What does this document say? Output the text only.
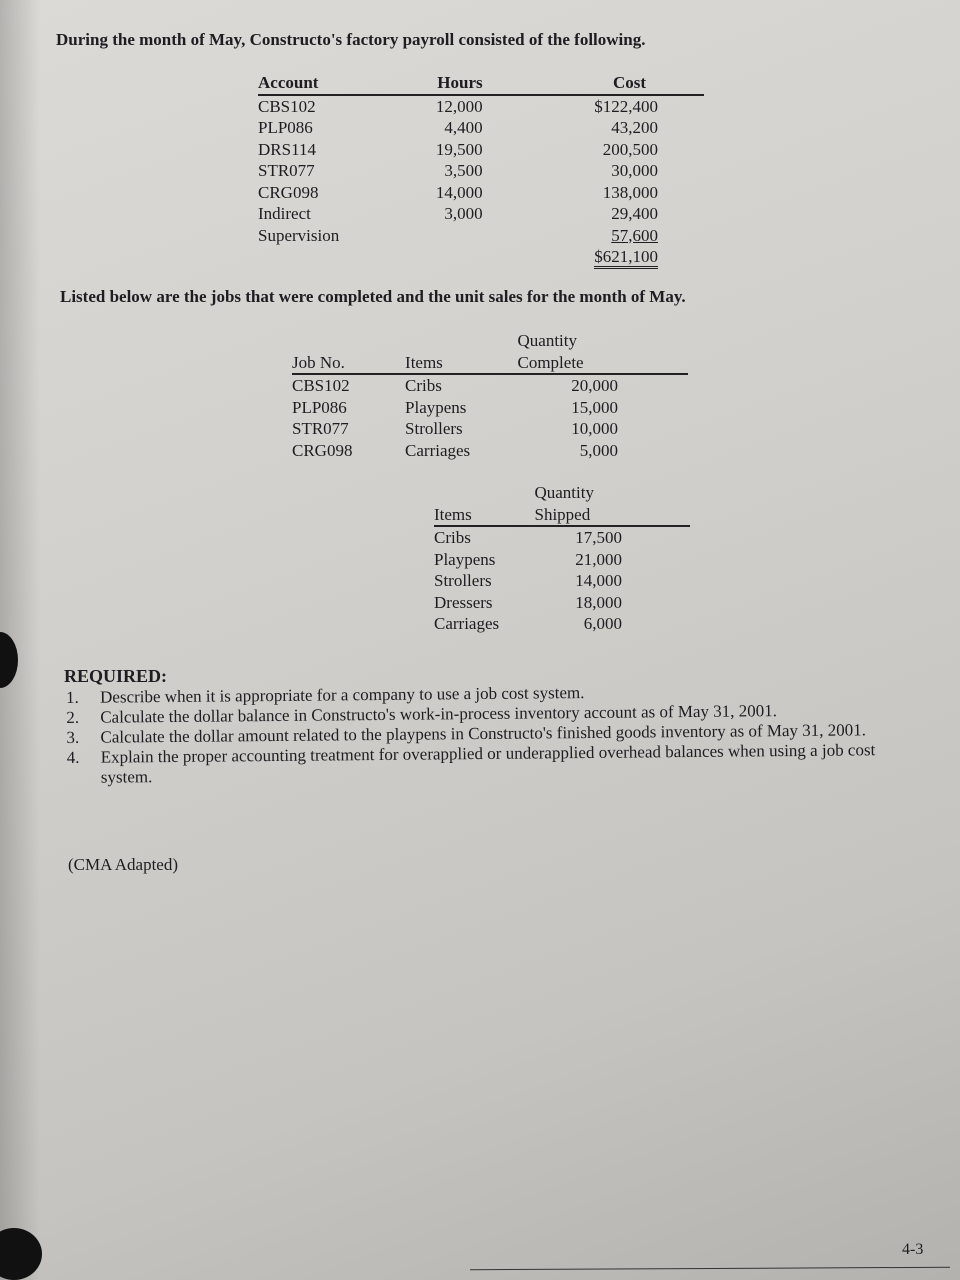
During the month of May, Constructo's factory payroll consisted of the following.
Account	Hours	Cost
CBS102	12,000	$122,400
PLP086	4,400	43,200
DRS114	19,500	200,500
STR077	3,500	30,000
CRG098	14,000	138,000
Indirect	3,000	29,400
Supervision		57,600
		$621,100
Listed below are the jobs that were completed and the unit sales for the month of May.
		Quantity
Job No.	Items	Complete
CBS102	Cribs	20,000
PLP086	Playpens	15,000
STR077	Strollers	10,000
CRG098	Carriages	5,000
	Quantity
Items	Shipped
Cribs	17,500
Playpens	21,000
Strollers	14,000
Dressers	18,000
Carriages	6,000
REQUIRED:
1.	Describe when it is appropriate for a company to use a job cost system.
2.	Calculate the dollar balance in Constructo's work-in-process inventory account as of May 31, 2001.
3.	Calculate the dollar amount related to the playpens in Constructo's finished goods inventory as of May 31, 2001.
4.	Explain the proper accounting treatment for overapplied or underapplied overhead balances when using a job cost system.
(CMA Adapted)
4-3
